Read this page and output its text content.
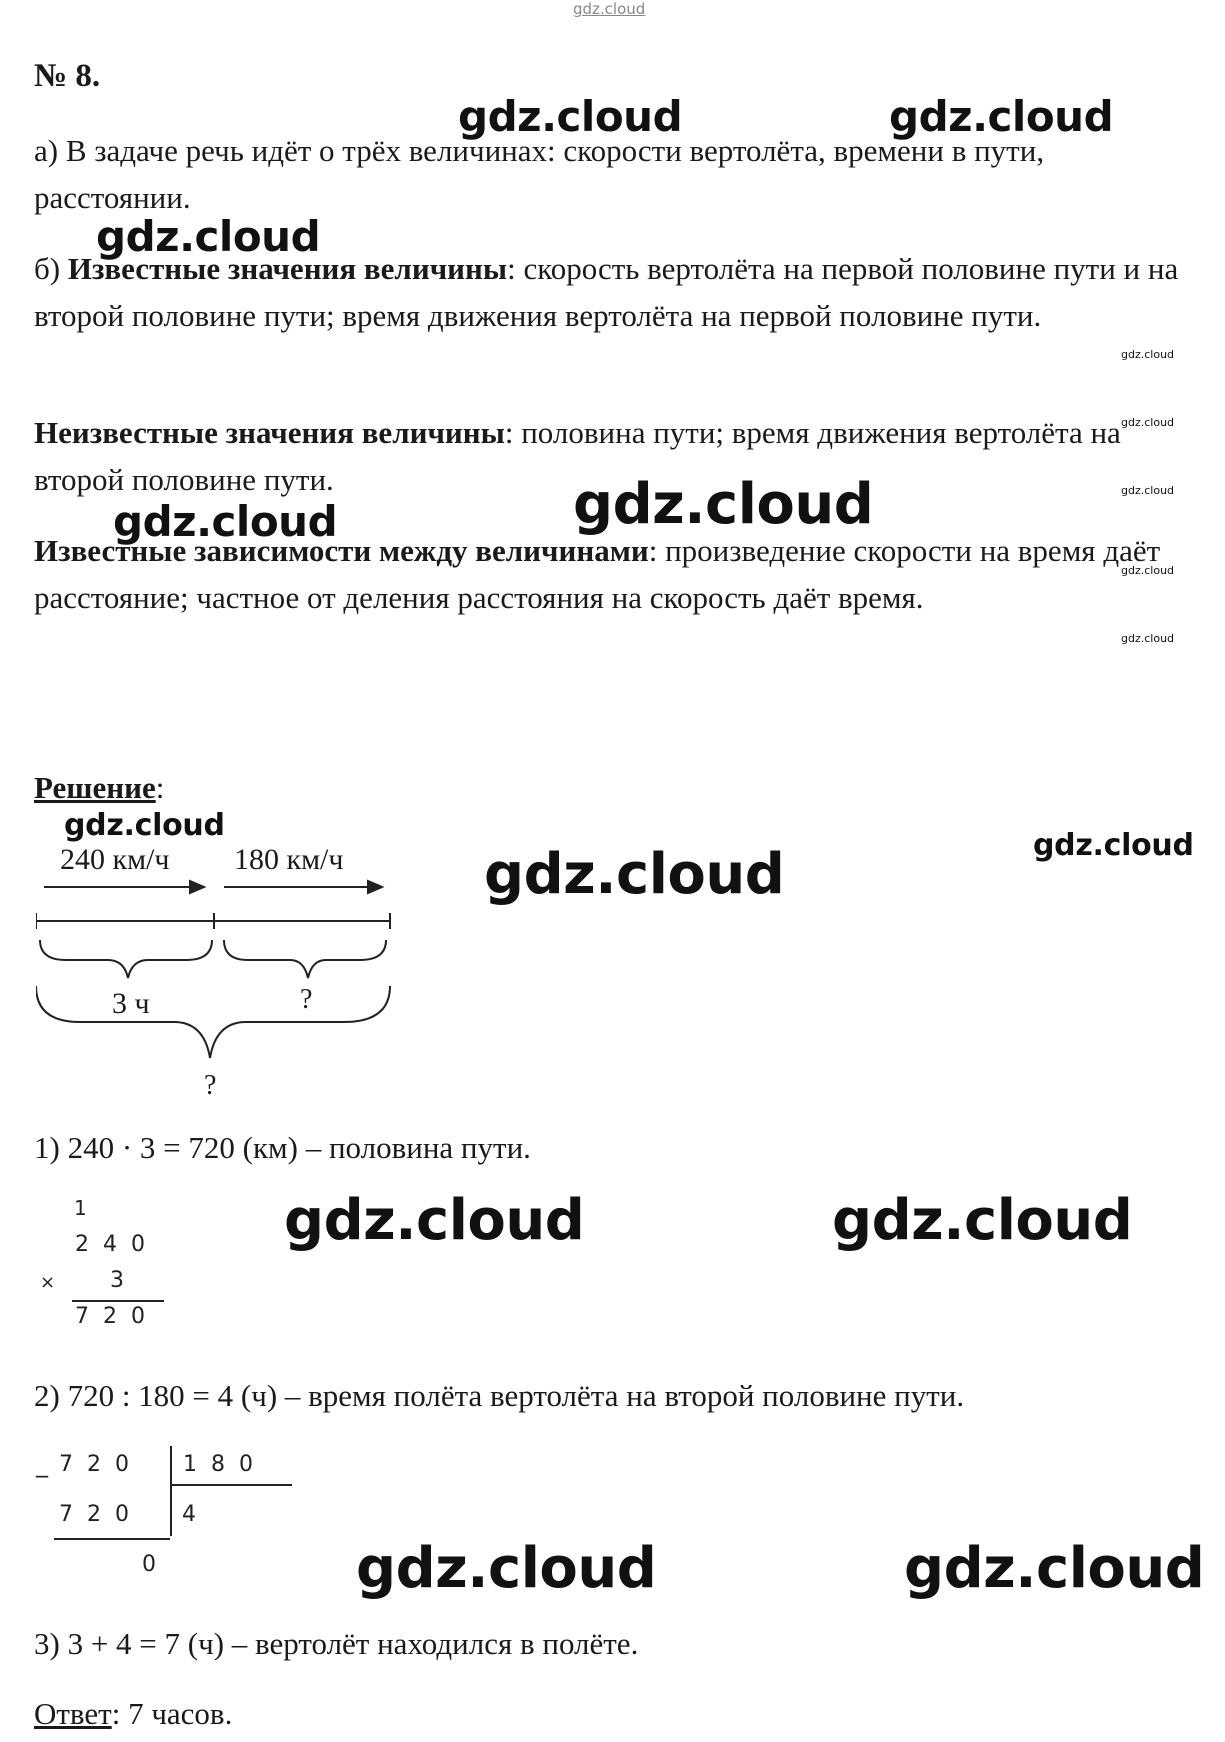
gdz.cloud
gdz.cloud	gdz.cloud
gdz.cloud
gdz.cloud	gdz.cloud
gdz.cloud
gdz.cloud
gdz.cloud
gdz.cloud
gdz.cloud
gdz.cloud
gdz.cloud
gdz.cloud
gdz.cloud	gdz.cloud
gdz.cloud	gdz.cloud
№ 8.
а) В задаче речь идёт о трёх величинах: скорости вертолёта, времени в пути, расстоянии.
б) Известные значения величины: скорость вертолёта на первой половине пути и на второй половине пути; время движения вертолёта на первой половине пути.
Неизвестные значения величины: половина пути; время движения вертолёта на второй половине пути.
Известные зависимости между величинами: произведение скорости на время даёт расстояние; частное от деления расстояния на скорость даёт время.
Решение:
240 км/ч 180 км/ч
3 ч	?
?
1) 240 · 3 = 720 (км) – половина пути.
1
2 4 0
× 3
7 2 0
2) 720 : 180 = 4 (ч) – время полёта вертолёта на второй половине пути.
_ 7 2 0	1 8 0
7 2 0	4
0
3) 3 + 4 = 7 (ч) – вертолёт находился в полёте.
Ответ: 7 часов.
